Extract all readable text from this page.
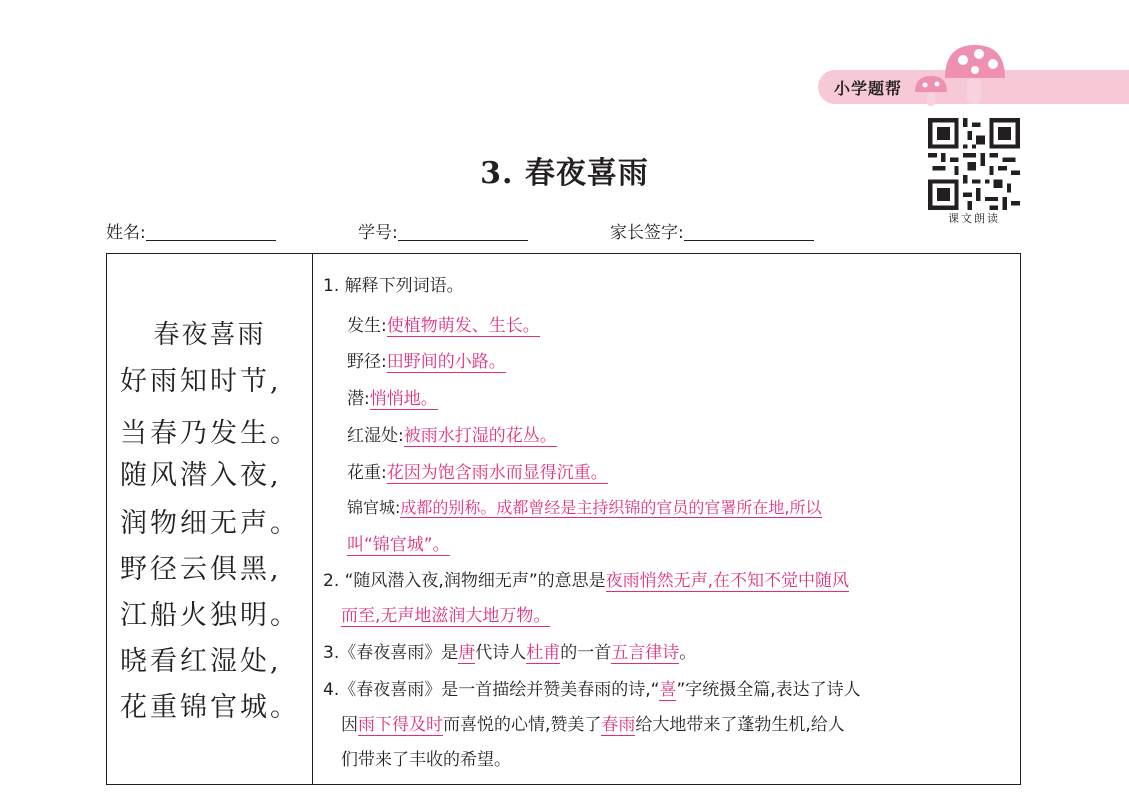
小学题帮
课文朗读
3. 春夜喜雨
姓名:	学号:	家长签字:
春夜喜雨
好雨知时节,
当春乃发生。
随风潜入夜,
润物细无声。
野径云俱黑,
江船火独明。
晓看红湿处,
花重锦官城。
1. 解释下列词语。
发生:使植物萌发、生长。
野径:田野间的小路。
潜:悄悄地。
红湿处:被雨水打湿的花丛。
花重:花因为饱含雨水而显得沉重。
锦官城:成都的别称。成都曾经是主持织锦的官员的官署所在地,所以
叫“锦官城”。
2. “随风潜入夜,润物细无声”的意思是夜雨悄然无声,在不知不觉中随风
而至,无声地滋润大地万物。
3.《春夜喜雨》是唐代诗人杜甫的一首五言律诗。
4.《春夜喜雨》是一首描绘并赞美春雨的诗,“喜”字统摄全篇,表达了诗人
因雨下得及时而喜悦的心情,赞美了春雨给大地带来了蓬勃生机,给人
们带来了丰收的希望。
